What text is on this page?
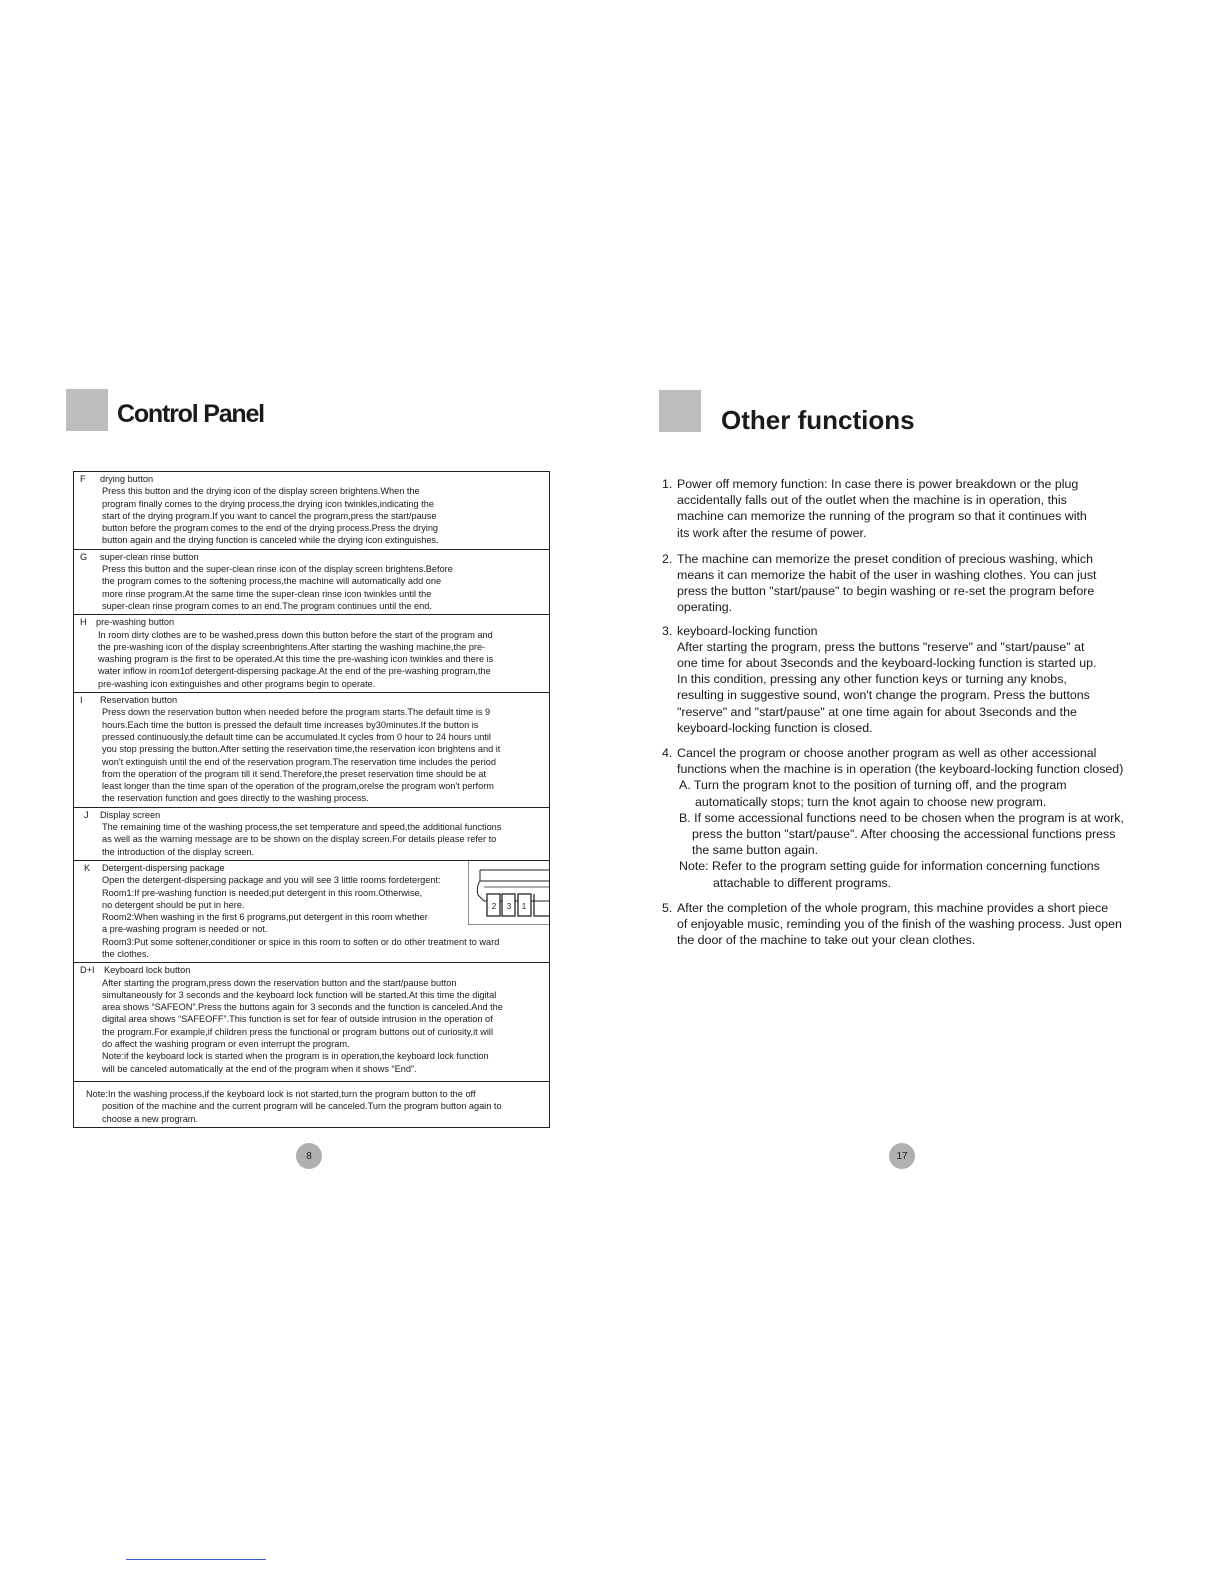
Control Panel
F drying button

Press this button and the drying icon of the display screen brightens.When the

program finally comes to the drying process,the drying icon twinkles,indicating the

start of the drying program.If you want to cancel the program,press the start/pause

button before the program comes to the end of the drying process.Press the drying

button again and the drying function is canceled while the drying icon extinguishes.

G super-clean rinse button

Press this button and the super-clean rinse icon of the display screen brightens.Before

the program comes to the softening process,the machine will automatically add one

more rinse program.At the same time the super-clean rinse icon twinkles until the

super-clean rinse program comes to an end.The program continues until the end.

H pre-washing button

In room dirty clothes are to be washed,press down this button before the start of the program and

the pre-washing icon of the display screenbrightens.After starting the washing machine,the pre-

washing program is the first to be operated.At this time the pre-washing icon twinkles and there is

water inflow in room1of detergent-dispersing package.At the end of the pre-washing program,the

pre-washing icon extinguishes and other programs begin to operate.

I Reservation button

Press down the reservation button when needed before the program starts.The default time is 9

hours.Each time the button is pressed the default time increases by30minutes.If the button is

pressed continuously,the default time can be accumulated.It cycles from 0 hour to 24 hours until

you stop pressing the button.After setting the reservation time,the reservation icon brightens and it

won't extinguish until the end of the reservation program.The reservation time includes the period

from the operation of the program till it send.Therefore,the preset reservation time should be at

least longer than the time span of the operation of the program,orelse the program won't perform

the reservation function and goes directly to the washing process.

J Display screen

The remaining time of the washing process,the set temperature and speed,the additional functions

as well as the warning message are to be shown on the display screen.For details please refer to

the introduction of the display screen.

K Detergent-dispersing package

Open the detergent-dispersing package and you will see 3 little rooms fordetergent:

Room1:If pre-washing function is needed,put detergent in this room.Otherwise,

no detergent should be put in here.

Room2:When washing in the first 6 programs,put detergent in this room whether

a pre-washing program is needed or not.

Room3:Put some softener,conditioner or spice in this room to soften or do other treatment to ward

the clothes.

2 3 1
D+I Keyboard lock button

After starting the program,press down the reservation button and the start/pause button

simultaneously for 3 seconds and the keyboard lock function will be started.At this time the digital

area shows “SAFEON”.Press the buttons again for 3 seconds and the function is canceled.And the

digital area shows “SAFEOFF”.This function is set for fear of outside intrusion in the operation of

the program.For example,if children press the functional or program buttons out of curiosity,it will

do affect the washing program or even interrupt the program.

Note:if the keyboard lock is started when the program is in operation,the keyboard lock function

will be canceled automatically at the end of the program when it shows “End”.

Note:In the washing process,if the keyboard lock is not started,turn the program button to the off
position of the machine and the current program will be canceled.Turn the program button again to
choose a new program.
8
Other functions
1. Power off memory function: In case there is power breakdown or the plug

accidentally falls out of the outlet when the machine is in operation, this

machine can memorize the running of the program so that it continues with

its work after the resume of power.

2. The machine can memorize the preset condition of precious washing, which

means it can memorize the habit of the user in washing clothes. You can just

press the button "start/pause" to begin washing or re-set the program before

operating.

3. keyboard-locking function

After starting the program, press the buttons "reserve" and "start/pause" at

one time for about 3seconds and the keyboard-locking function is started up.

In this condition, pressing any other function keys or turning any knobs,

resulting in suggestive sound, won't change the program. Press the buttons

"reserve" and "start/pause" at one time again for about 3seconds and the

keyboard-locking function is closed.

4. Cancel the program or choose another program as well as other accessional

functions when the machine is in operation (the keyboard-locking function closed)

A. Turn the program knot to the position of turning off, and the program

automatically stops; turn the knot again to choose new program.

B. If some accessional functions need to be chosen when the program is at work,

press the button "start/pause". After choosing the accessional functions press

the same button again.

Note: Refer to the program setting guide for information concerning functions

attachable to different programs.

5. After the completion of the whole program, this machine provides a short piece

of enjoyable music, reminding you of the finish of the washing process. Just open

the door of the machine to take out your clean clothes.

17
